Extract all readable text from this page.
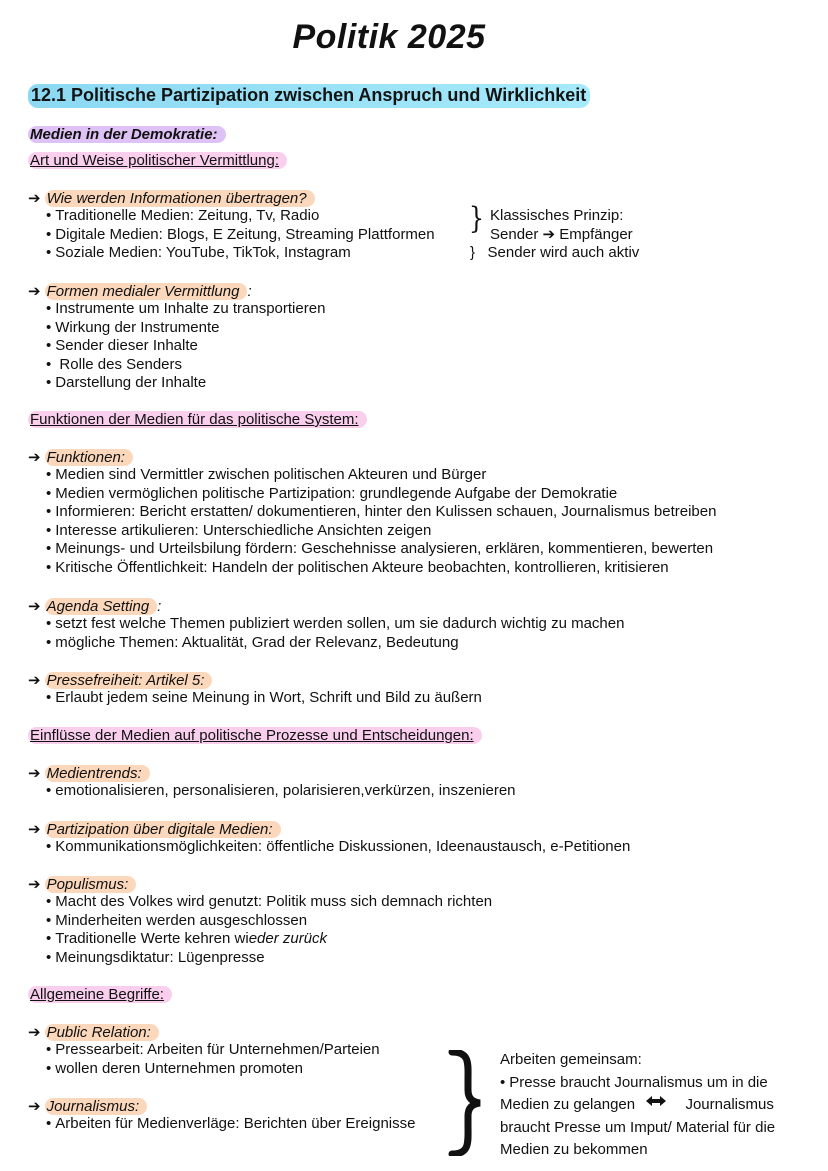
Politik 2025
12.1 Politische Partizipation zwischen Anspruch und Wirklichkeit
Medien in der Demokratie:
Art und Weise politischer Vermittlung:
➔ Wie werden Informationen übertragen?
• Traditionelle Medien: Zeitung, Tv, Radio
• Digitale Medien: Blogs, E Zeitung, Streaming Plattformen
• Soziale Medien: YouTube, TikTok, Instagram
} Klassisches Prinzip:
Sender ➔ Empfänger
} Sender wird auch aktiv
➔ Formen medialer Vermittlung :
• Instrumente um Inhalte zu transportieren
• Wirkung der Instrumente
• Sender dieser Inhalte
• Rolle des Senders
• Darstellung der Inhalte
Funktionen der Medien für das politische System:
➔ Funktionen:
• Medien sind Vermittler zwischen politischen Akteuren und Bürger
• Medien vermöglichen politische Partizipation: grundlegende Aufgabe der Demokratie
• Informieren: Bericht erstatten/ dokumentieren, hinter den Kulissen schauen, Journalismus betreiben
• Interesse artikulieren: Unterschiedliche Ansichten zeigen
• Meinungs- und Urteilsbilung fördern: Geschehnisse analysieren, erklären, kommentieren, bewerten
• Kritische Öffentlichkeit: Handeln der politischen Akteure beobachten, kontrollieren, kritisieren
➔ Agenda Setting :
• setzt fest welche Themen publiziert werden sollen, um sie dadurch wichtig zu machen
• mögliche Themen: Aktualität, Grad der Relevanz, Bedeutung
➔ Pressefreiheit: Artikel 5:
• Erlaubt jedem seine Meinung in Wort, Schrift und Bild zu äußern
Einflüsse der Medien auf politische Prozesse und Entscheidungen:
➔ Medientrends:
• emotionalisieren, personalisieren, polarisieren,verkürzen, inszenieren
➔ Partizipation über digitale Medien:
• Kommunikationsmöglichkeiten: öffentliche Diskussionen, Ideenaustausch, e-Petitionen
➔ Populismus:
• Macht des Volkes wird genutzt: Politik muss sich demnach richten
• Minderheiten werden ausgeschlossen
• Traditionelle Werte kehren wieder zurück
• Meinungsdiktatur: Lügenpresse
Allgemeine Begriffe:
➔ Public Relation:
• Pressearbeit: Arbeiten für Unternehmen/Parteien
• wollen deren Unternehmen promoten
➔ Journalismus:
• Arbeiten für Medienverläge: Berichten über Ereignisse
Arbeiten gemeinsam:
• Presse braucht Journalismus um in die
Medien zu gelangen	Journalismus
braucht Presse um Imput/ Material für die
Medien zu bekommen
